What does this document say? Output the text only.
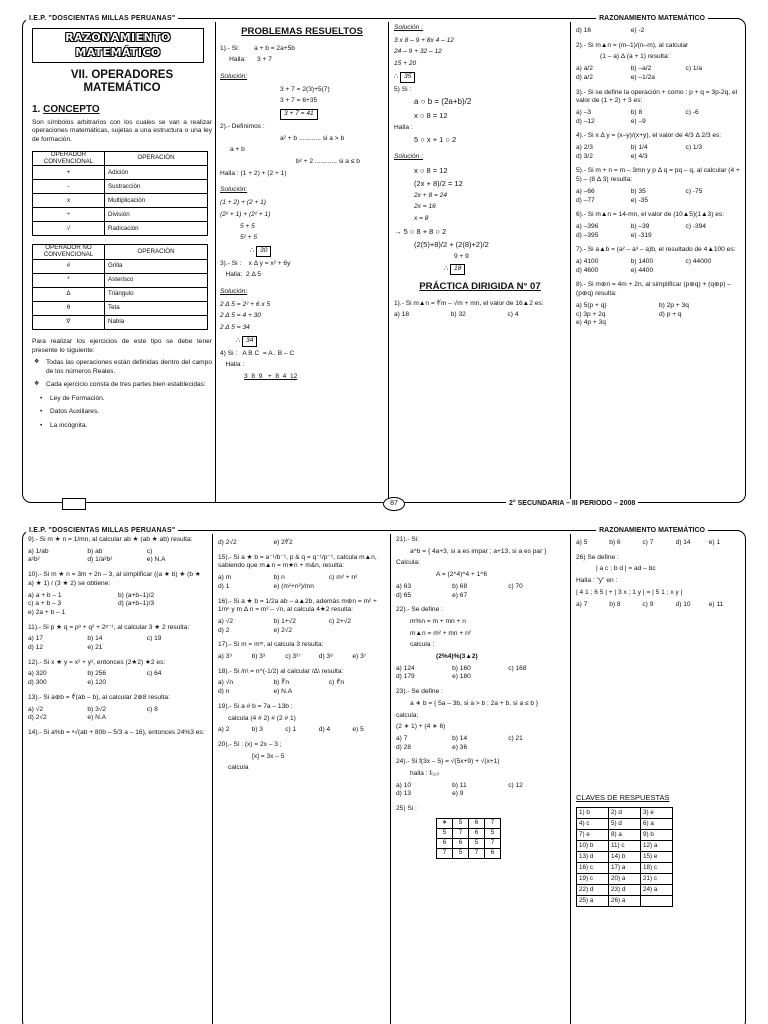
I.E.P. "DOSCIENTAS MILLAS PERUANAS"	RAZONAMIENTO MATEMÁTICO
RAZONAMIENTO MATEMÁTICO
VII. OPERADORES MATEMÁTICO
1. CONCEPTO

Son símbolos arbitrarios con los cuales se van a realizar operaciones matemáticas, sujetas a una estructura o una ley de formación.

OPERADOR CONVENCIONAL	OPERACIÓN
+	Adición
-	Sustracción
x	Multiplicación
÷	División
√	Radicación
OPERADOR NO CONVENCIONAL	OPERACIÓN
#	Grilla
*	Asterisco
Δ	Triángulo
θ	Teta
∇	Nabla

Para realizar los ejercicios de este tipo se debe tener presente lo siguiente:

❖ Todas las operaciones están definidas dentro del campo de los números Reales.

❖ Cada ejercicio consta de tres partes bien establecidas:

• Ley de Formación.

• Datos Auxiliares.

• La incógnita.

PROBLEMAS RESUELTOS

1).- Si:        a + b = 2a+5b

Halla:      3 + 7

Solución:

3 + 7 = 2(3)+5(7)

3 + 7 = 6+35

3 + 7 = 41

2).- Definimos :

a² + b ............ si a > b

a + b

b² + 2 ............ si a ≤ b

Halla : (1 + 2) + (2 + 1)

Solución:

(1 + 2) + (2 + 1)

(2² + 1) + (2² + 1)

5 + 5

5² + 5

∴ 30

3).- Si :    x Δ y = x² + 6y

Halla:  2 Δ 5

Solución:

2 Δ 5 = 2² + 6 x 5

2 Δ 5 = 4 + 30

2 Δ 5 = 34

∴ 34

4) Si :   A B C  = A . B – C

Halla :

3  8  9   +  8  4  12

Solución :

3 x 8 – 9 + 8x 4 – 12

24 – 9 + 32 – 12

15 + 20

∴ 35

5) Si :

a ○ b = (2a+b)/2

x ○ 8 = 12

Halla :

5 ○ x + 1 ○ 2

Solución :

x ○ 8 = 12

(2x + 8)/2 = 12

2x + 8 = 24

2x = 16

x = 8

→ 5 ○ 8 + 8 ○ 2

(2(5)+8)/2 + (2(8)+2)/2

9 + 9

∴ 18

PRÁCTICA DIRIGIDA N° 07

1).- Si m▲n = ∜m – √m + mn, el valor de 16▲2 es:

a) 18	b) 32	c) 4
d) 16	e) -2

2).- Si m▲n = (m–1)/(n–m), al calcular

(1 – a) Δ (a + 1) resulta:

a) a/2	b) –a/2	c) 1/a
d) a/2	e) –1/2a

3).- Si se define la operación + como : p + q = 3p-2q, el valor de (1 + 2) + 3 es:

a) –3	b) 8	c) -6
d) –12	e) –9

4).- Si x Δ y = (x–y)/(x+y), el valor de 4/3 Δ 2/3 es:

a) 2/3	b) 1/4	c) 1/3
d) 3/2	e) 4/3

5).- Si m + n = m – 3mn y p Δ q = pq – q, al calcular (4 + 5) – (8 Δ 3) resulta:

a) –66	b) 35	c) -75
d) –77	e) -35

6).- Si m▲n = 14-mn, el valor de (10▲5)(1▲3) es:

a) –396	b) –39	c) -394
d) –395	e) -319

7).- Si a▲b = (a² – a³ – a)b, el resultado de 4▲100 es:

a) 4100	b) 1400	c) 44000
d) 4600	e) 4400

8).- Si m⊕n = 4m + 2n, al simplificar (p⊕q) + (q⊕p) – (p⊕q) resulta:

a) 5(p + q)	b) 2p + 3q
c) 3p + 2q	d) p + q
e) 4p + 3q
87	2° SECUNDARIA – III PERIODO – 2008
I.E.P. "DOSCIENTAS MILLAS PERUANAS"	RAZONAMIENTO MATEMÁTICO

9).- Si m ★ n = 1/mn, al calcular ab ★ (ab ★ ab) resulta:

a) 1/ab	b) ab	c)
a²b²	d) 1/a²b²	e) N.A

10).- Si m ★ n = 3m + 2n – 3, al simplificar ((a ★ b) ★ (b ★ a) ★ 1) / (3 ★ 2) se obtiene:

a) a + b – 1	b) (a+b–1)/2
c) a + b – 3	d) (a+b–1)/3
e) 2a + b – 1

11).- Si p ★ q = p³ + q² + 2ᵖ⁻¹, al calcular 3 ★ 2 resulta:

a) 17	b) 14	c) 19
d) 12	e) 21

12).- Si x ★ y = x² + y², entonces (2★2) ★2 es:

a) 320	b) 256	c) 64
d) 300	e) 120

13).- Si a⊕b = ∜(ab – b), al calcular 2⊕8 resulta:

a) √2	b) 3√2	c) 8
d) 2√2	e) N.A

14).- Si a%b = ᵃ√(ab + 80b – 5/3 a – 16), entonces 24%3 es:

d) 2√2	e) 2∜2

15).- Si a ★ b = a⁻¹/b⁻¹, p & q = q⁻¹/p⁻¹, calcula m▲n, sabiendo que m▲n = m★n + m&n, resulta:

a) m	b) n	c) m² + n²
d) 1	e) (m²+n²)/mn

16).- Si a ★ b = 1/2a ab – a▲2b, además m⊕n = m² + 1/nⁿ y m Δ n = m² – √n, al calcula 4★2 resulta:

a) √2	b) 1+√2	c) 2+√2
d) 2	e) 2√2

17).- Si m = mᵐ, al calcula 3 resulta:

a) 3⁹	b) 3³	c) 3²⁷	d) 3⁸	e) 3⁷

18).- Si /n\ = n^(-1/2) al calcular /Δ\ resulta:

a) √n	b) ∛n	c) ∜n
d) n	e) N.A

19).- Si a # b = 7a – 13b :

calcula (4 # 2) # (2 # 1)

a) 2	b) 3	c) 1	d) 4	e) 5

20).- Si : (x) = 2x – 3 ;

[x] = 3x – 5

calcula

21).- Si:

a^b = { 4a+3, si a es impar ; a+13, si a es par }

Calcula:

A = (2^4)^4 + 1^6

a) 63	b) 68	c) 70
d) 65	e) 67

22).- Se define :

m%n = m + mn + n

m▲n = m² + mn + n²

calcula :

(2%4)%(3▲2)

a) 124	b) 160	c) 168
d) 179	e) 180

23).- Se define :

a ∗ b = { 5a – 3b, si a > b ; 2a + b, si a ≤ b }

calcula:

(2 ∗ 1) + (4 ∗ 6)

a) 7	b) 14	c) 21
d) 28	e) 36

24).- Si f(3x – 5) = √(5x+9) + √(x+1)

halla : f₍₁₀₎

a) 10	b) 11	c) 12
d) 13	e) 9

25) Si :

∗	5	6	7
5	7	6	5
6	6	5	7
7	5	7	6
a) 5	b) 6	c) 7	d) 14	e) 1

26) Se define :

| a c ; b d | = ad – bc

Halla : "y" en :

| 4 1 ; 6 5 | + | 3 x ; 1 y | = | 5 1 ; x y |

a) 7	b) 8	c) 9	d) 10	e) 11

CLAVES DE RESPUESTAS

1) b	2) d	3) e
4) c	5) d	6) a
7) e	8) a	9) b
10) b	11) c	12) a
13) d	14) b	15) e
16) c	17) a	18) c
19) c	20) a	21) c
22) d	23) d	24) a
25) a	26) a	
